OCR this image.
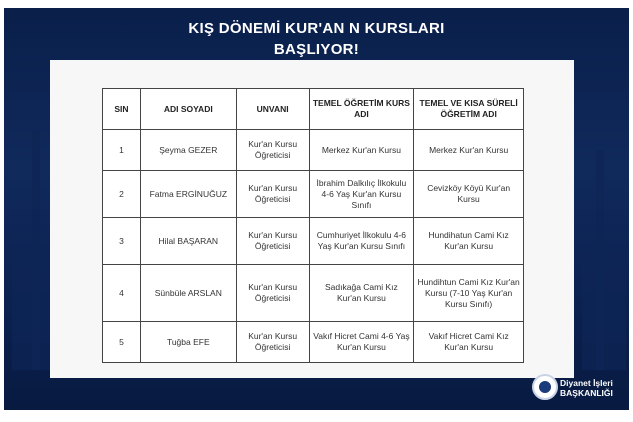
KIŞ DÖNEMİ KUR'AN N KURSLARI
BAŞLIYOR!
SIN	ADI SOYADI	UNVANI	TEMEL ÖĞRETİM KURS ADI	TEMEL VE KISA SÜRELİ ÖĞRETİM ADI
1	Şeyma GEZER	Kur'an Kursu Öğreticisi	Merkez Kur'an Kursu	Merkez Kur'an Kursu
2	Fatma ERGİNUĞUZ	Kur'an Kursu Öğreticisi	İbrahim Dalkılıç İlkokulu 4-6 Yaş Kur'an Kursu Sınıfı	Cevizköy Köyü Kur'an Kursu
3	Hilal BAŞARAN	Kur'an Kursu Öğreticisi	Cumhuriyet İlkokulu 4-6 Yaş Kur'an Kursu Sınıfı	Hundihatun Cami Kız Kur'an Kursu
4	Sünbüle ARSLAN	Kur'an Kursu Öğreticisi	Sadıkağa Cami Kız Kur'an Kursu	Hundihtun Cami Kız Kur'an Kursu (7-10 Yaş Kur'an Kursu Sınıfı)
5	Tuğba EFE	Kur'an Kursu Öğreticisi	Vakıf Hicret Cami 4-6 Yaş Kur'an Kursu	Vakıf Hicret Cami Kız Kur'an Kursu
Diyanet İşleri
BAŞKANLIĞI
